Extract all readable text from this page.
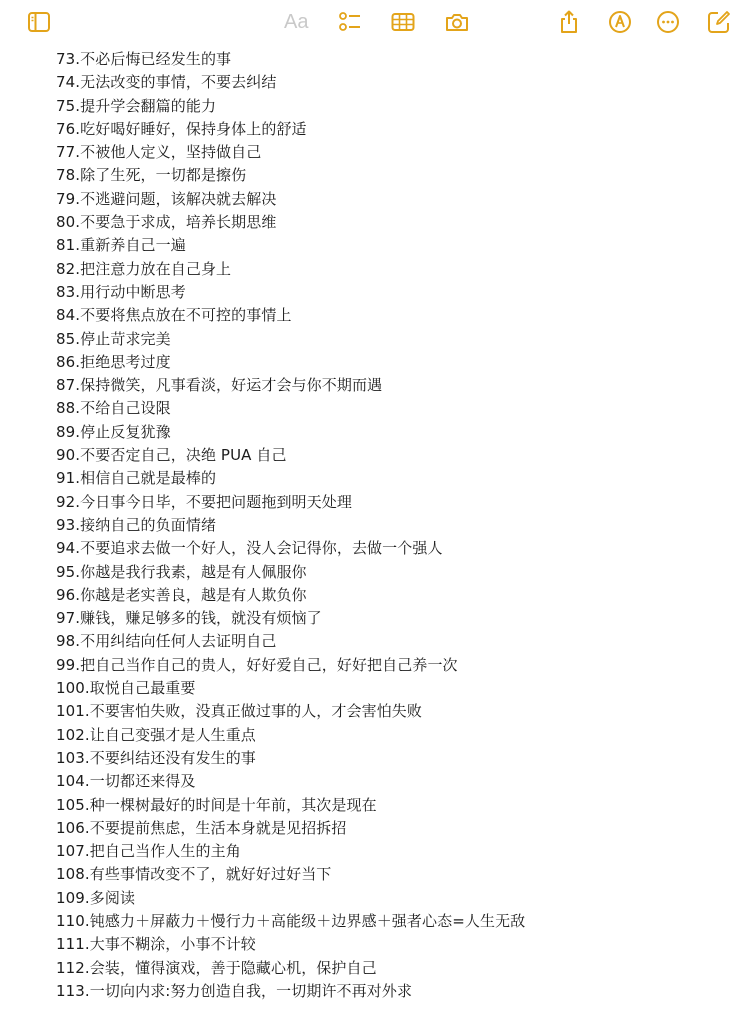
Aa
73.不必后悔已经发生的事
74.无法改变的事情，不要去纠结
75.提升学会翻篇的能力
76.吃好喝好睡好，保持身体上的舒适
77.不被他人定义，坚持做自己
78.除了生死，一切都是擦伤
79.不逃避问题，该解决就去解决
80.不要急于求成，培养长期思维
81.重新养自己一遍
82.把注意力放在自己身上
83.用行动中断思考
84.不要将焦点放在不可控的事情上
85.停止苛求完美
86.拒绝思考过度
87.保持微笑，凡事看淡，好运才会与你不期而遇
88.不给自己设限
89.停止反复犹豫
90.不要否定自己，决绝 PUA 自己
91.相信自己就是最棒的
92.今日事今日毕，不要把问题拖到明天处理
93.接纳自己的负面情绪
94.不要追求去做一个好人，没人会记得你，去做一个强人
95.你越是我行我素，越是有人佩服你
96.你越是老实善良，越是有人欺负你
97.赚钱，赚足够多的钱，就没有烦恼了
98.不用纠结向任何人去证明自己
99.把自己当作自己的贵人，好好爱自己，好好把自己养一次
100.取悦自己最重要
101.不要害怕失败，没真正做过事的人，才会害怕失败
102.让自己变强才是人生重点
103.不要纠结还没有发生的事
104.一切都还来得及
105.种一棵树最好的时间是十年前，其次是现在
106.不要提前焦虑，生活本身就是见招拆招
107.把自己当作人生的主角
108.有些事情改变不了，就好好过好当下
109.多阅读
110.钝感力＋屏蔽力＋慢行力＋高能级＋边界感＋强者心态=人生无敌
111.大事不糊涂，小事不计较
112.会装，懂得演戏，善于隐藏心机，保护自己
113.一切向内求:努力创造自我，一切期许不再对外求
